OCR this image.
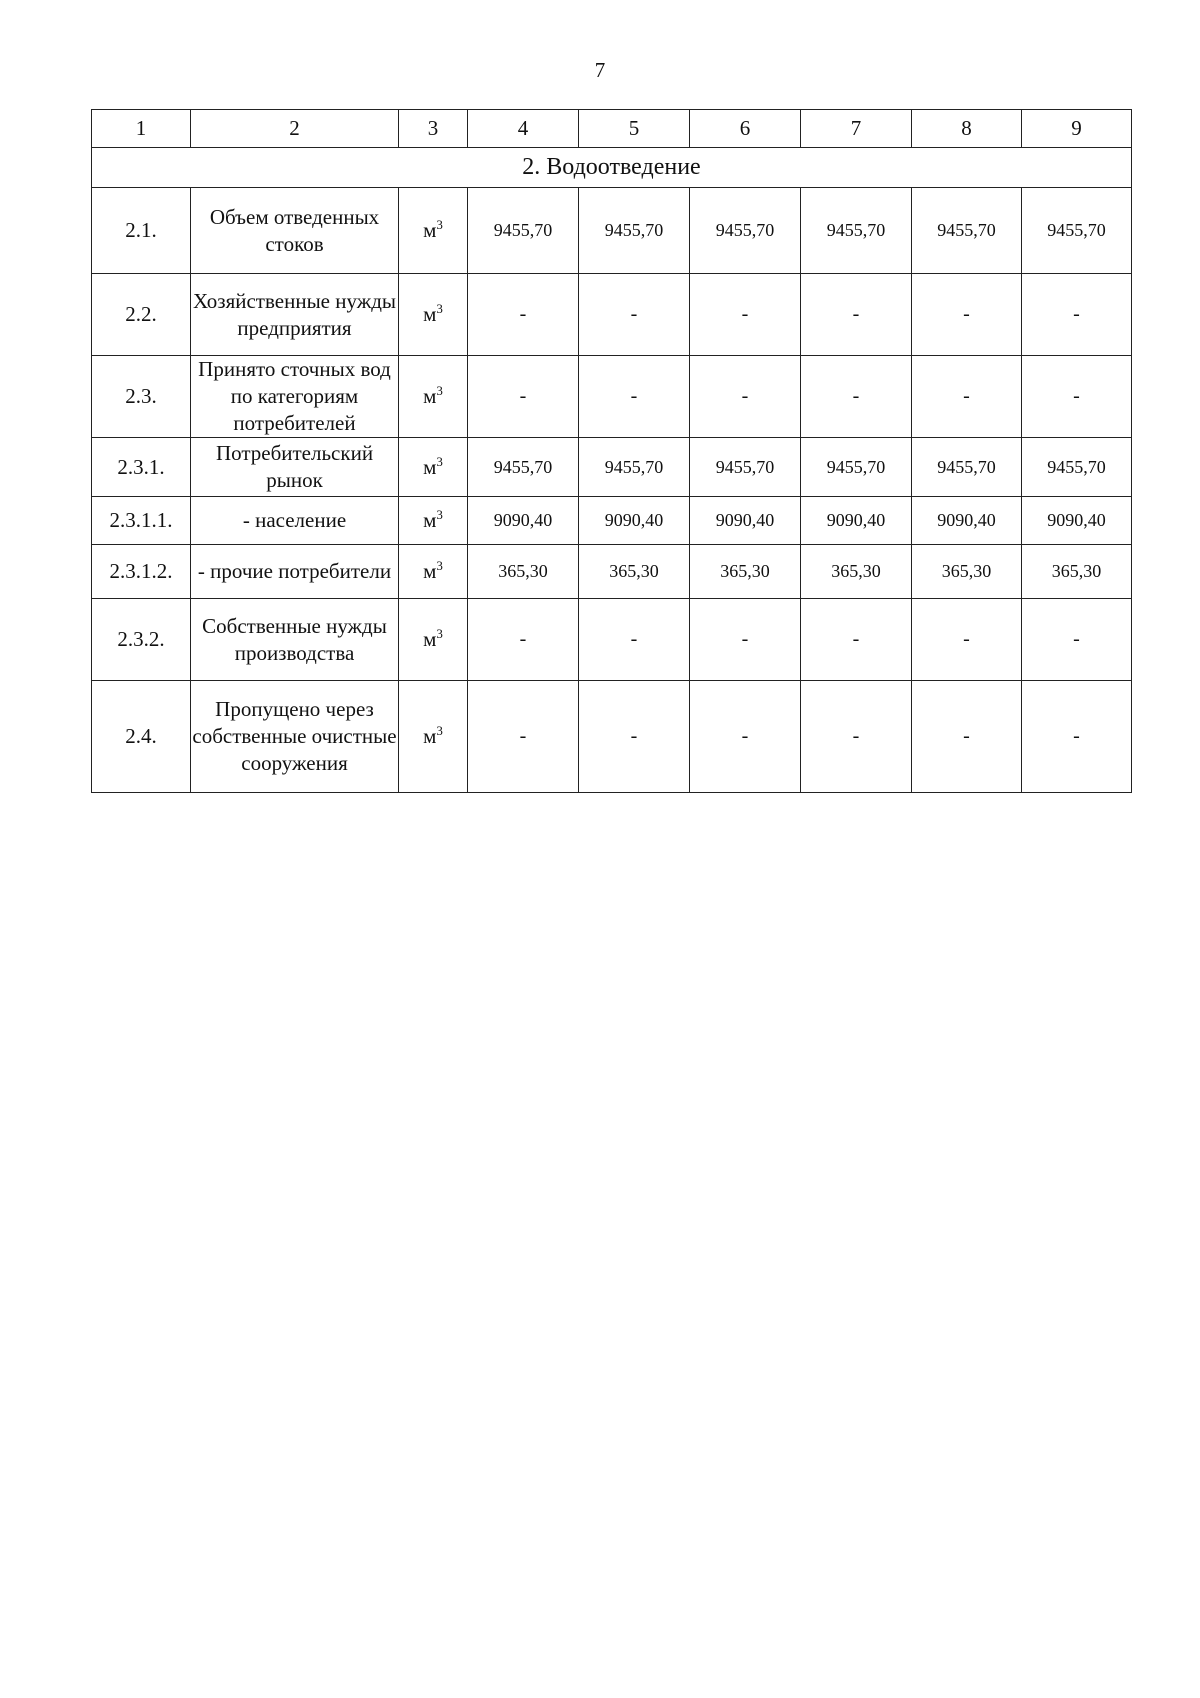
7
1	2	3	4	5	6	7	8	9
2. Водоотведение								
2.1.	Объем отведенных стоков	$м^3$	9455,70	9455,70	9455,70	9455,70	9455,70	9455,70
2.2.	Хозяйственные нужды предприятия	$м^3$	-	-	-	-	-	-
2.3.	Принято сточных вод по категориям потребителей	$м^3$	-	-	-	-	-	-
2.3.1.	Потребительский рынок	$м^3$	9455,70	9455,70	9455,70	9455,70	9455,70	9455,70
2.3.1.1.	- население	$м^3$	9090,40	9090,40	9090,40	9090,40	9090,40	9090,40
2.3.1.2.	- прочие потребители	$м^3$	365,30	365,30	365,30	365,30	365,30	365,30
2.3.2.	Собственные нужды производства	$м^3$	-	-	-	-	-	-
2.4.	Пропущено через собственные очистные сооружения	$м^3$	-	-	-	-	-	-
